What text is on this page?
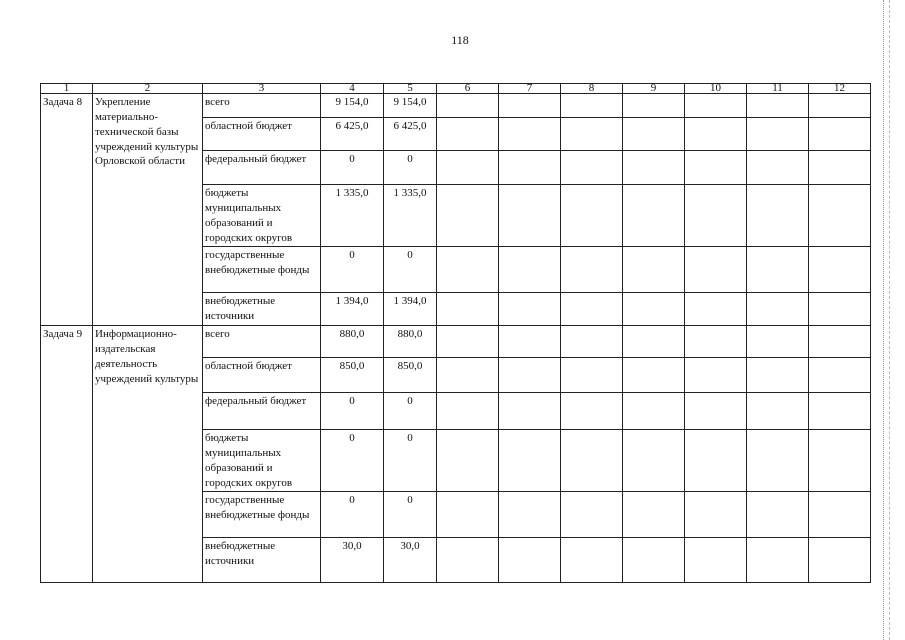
118
1	2	3	4	5	6	7	8	9	10	11	12
Задача 8	Укрепление материально-технической базы учреждений культуры Орловской области	всего	9 154,0	9 154,0							
		областной бюджет	6 425,0	6 425,0							
		федеральный бюджет	0	0							
		бюджеты муниципальных образований и городских округов	1 335,0	1 335,0							
		государственные внебюджетные фонды	0	0							
		внебюджетные источники	1 394,0	1 394,0							
Задача 9	Информационно-издательская деятельность учреждений культуры	всего	880,0	880,0							
		областной бюджет	850,0	850,0							
		федеральный бюджет	0	0							
		бюджеты муниципальных образований и городских округов	0	0							
		государственные внебюджетные фонды	0	0							
		внебюджетные источники	30,0	30,0							
